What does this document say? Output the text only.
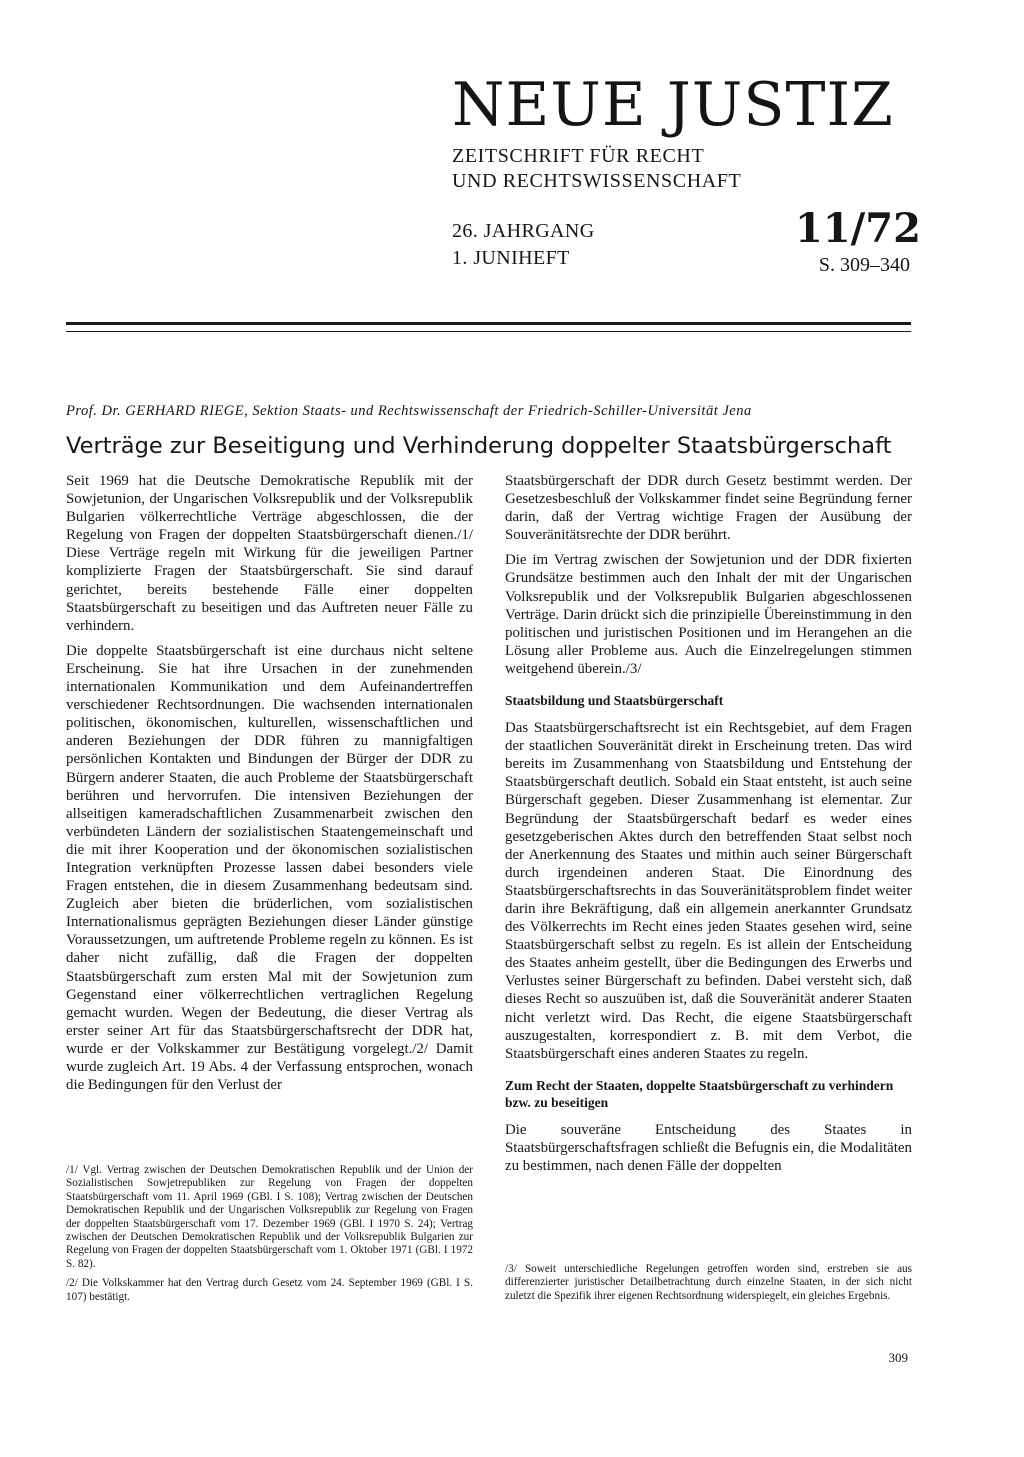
NEUE JUSTIZ
ZEITSCHRIFT FÜR RECHT
UND RECHTSWISSENSCHAFT
26. JAHRGANG
1. JUNIHEFT
11/72
S. 309–340
Prof. Dr. GERHARD RIEGE, Sektion Staats- und Rechtswissenschaft der Friedrich-Schiller-Universität Jena
Verträge zur Beseitigung und Verhinderung doppelter Staatsbürgerschaft

Seit 1969 hat die Deutsche Demokratische Republik mit der Sowjetunion, der Ungarischen Volksrepublik und der Volksrepublik Bulgarien völkerrechtliche Verträge abgeschlossen, die der Regelung von Fragen der doppelten Staatsbürgerschaft dienen./1/ Diese Verträge regeln mit Wirkung für die jeweiligen Partner komplizierte Fragen der Staatsbürgerschaft. Sie sind darauf gerichtet, bereits bestehende Fälle einer doppelten Staatsbürgerschaft zu beseitigen und das Auftreten neuer Fälle zu verhindern.

Die doppelte Staatsbürgerschaft ist eine durchaus nicht seltene Erscheinung. Sie hat ihre Ursachen in der zunehmenden internationalen Kommunikation und dem Aufeinandertreffen verschiedener Rechtsordnungen. Die wachsenden internationalen politischen, ökonomischen, kulturellen, wissenschaftlichen und anderen Beziehungen der DDR führen zu mannigfaltigen persönlichen Kontakten und Bindungen der Bürger der DDR zu Bürgern anderer Staaten, die auch Probleme der Staatsbürgerschaft berühren und hervorrufen. Die intensiven Beziehungen der allseitigen kameradschaftlichen Zusammenarbeit zwischen den verbündeten Ländern der sozialistischen Staatengemeinschaft und die mit ihrer Kooperation und der ökonomischen sozialistischen Integration verknüpften Prozesse lassen dabei besonders viele Fragen entstehen, die in diesem Zusammenhang bedeutsam sind. Zugleich aber bieten die brüderlichen, vom sozialistischen Internationalismus geprägten Beziehungen dieser Länder günstige Voraussetzungen, um auftretende Probleme regeln zu können. Es ist daher nicht zufällig, daß die Fragen der doppelten Staatsbürgerschaft zum ersten Mal mit der Sowjetunion zum Gegenstand einer völkerrechtlichen vertraglichen Regelung gemacht wurden. Wegen der Bedeutung, die dieser Vertrag als erster seiner Art für das Staatsbürgerschaftsrecht der DDR hat, wurde er der Volkskammer zur Bestätigung vorgelegt./2/ Damit wurde zugleich Art. 19 Abs. 4 der Verfassung entsprochen, wonach die Bedingungen für den Verlust der

Staatsbürgerschaft der DDR durch Gesetz bestimmt werden. Der Gesetzesbeschluß der Volkskammer findet seine Begründung ferner darin, daß der Vertrag wichtige Fragen der Ausübung der Souveränitätsrechte der DDR berührt.

Die im Vertrag zwischen der Sowjetunion und der DDR fixierten Grundsätze bestimmen auch den Inhalt der mit der Ungarischen Volksrepublik und der Volksrepublik Bulgarien abgeschlossenen Verträge. Darin drückt sich die prinzipielle Übereinstimmung in den politischen und juristischen Positionen und im Herangehen an die Lösung aller Probleme aus. Auch die Einzelregelungen stimmen weitgehend überein./3/

Staatsbildung und Staatsbürgerschaft

Das Staatsbürgerschaftsrecht ist ein Rechtsgebiet, auf dem Fragen der staatlichen Souveränität direkt in Erscheinung treten. Das wird bereits im Zusammenhang von Staatsbildung und Entstehung der Staatsbürgerschaft deutlich. Sobald ein Staat entsteht, ist auch seine Bürgerschaft gegeben. Dieser Zusammenhang ist elementar. Zur Begründung der Staatsbürgerschaft bedarf es weder eines gesetzgeberischen Aktes durch den betreffenden Staat selbst noch der Anerkennung des Staates und mithin auch seiner Bürgerschaft durch irgendeinen anderen Staat. Die Einordnung des Staatsbürgerschaftsrechts in das Souveränitätsproblem findet weiter darin ihre Bekräftigung, daß ein allgemein anerkannter Grundsatz des Völkerrechts im Recht eines jeden Staates gesehen wird, seine Staatsbürgerschaft selbst zu regeln. Es ist allein der Entscheidung des Staates anheim gestellt, über die Bedingungen des Erwerbs und Verlustes seiner Bürgerschaft zu befinden. Dabei versteht sich, daß dieses Recht so auszuüben ist, daß die Souveränität anderer Staaten nicht verletzt wird. Das Recht, die eigene Staatsbürgerschaft auszugestalten, korrespondiert z. B. mit dem Verbot, die Staatsbürgerschaft eines anderen Staates zu regeln.

Zum Recht der Staaten, doppelte Staatsbürgerschaft zu verhindern bzw. zu beseitigen

Die souveräne Entscheidung des Staates in Staatsbürgerschaftsfragen schließt die Befugnis ein, die Modalitäten zu bestimmen, nach denen Fälle der doppelten

/1/ Vgl. Vertrag zwischen der Deutschen Demokratischen Republik und der Union der Sozialistischen Sowjetrepubliken zur Regelung von Fragen der doppelten Staatsbürgerschaft vom 11. April 1969 (GBl. I S. 108); Vertrag zwischen der Deutschen Demokratischen Republik und der Ungarischen Volksrepublik zur Regelung von Fragen der doppelten Staatsbürgerschaft vom 17. Dezember 1969 (GBl. I 1970 S. 24); Vertrag zwischen der Deutschen Demokratischen Republik und der Volksrepublik Bulgarien zur Regelung von Fragen der doppelten Staatsbürgerschaft vom 1. Oktober 1971 (GBl. I 1972 S. 82).

/2/ Die Volkskammer hat den Vertrag durch Gesetz vom 24. September 1969 (GBl. I S. 107) bestätigt.

/3/ Soweit unterschiedliche Regelungen getroffen worden sind, erstreben sie aus differenzierter juristischer Detailbetrachtung durch einzelne Staaten, in der sich nicht zuletzt die Spezifik ihrer eigenen Rechtsordnung widerspiegelt, ein gleiches Ergebnis.

309
